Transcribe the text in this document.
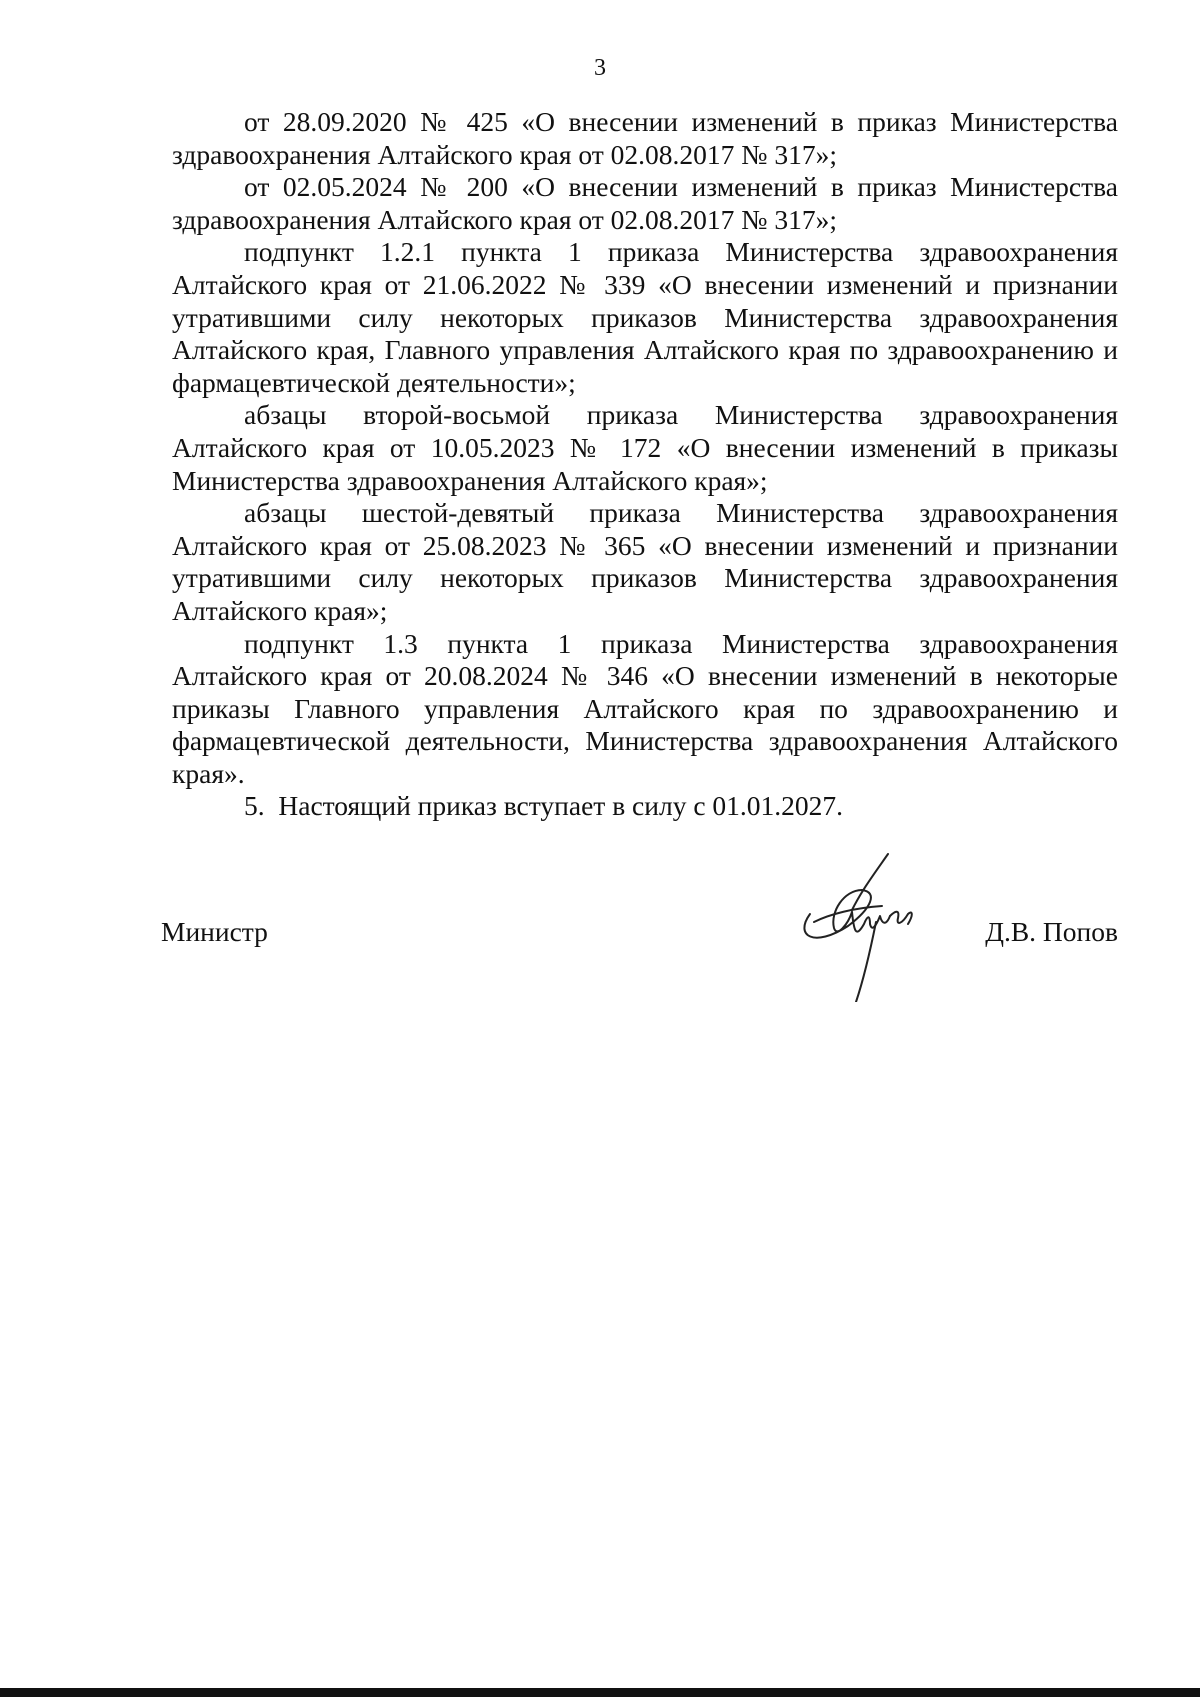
3

от 28.09.2020 № 425 «О внесении изменений в приказ Министерства здравоохранения Алтайского края от 02.08.2017 № 317»;

от 02.05.2024 № 200 «О внесении изменений в приказ Министерства здравоохранения Алтайского края от 02.08.2017 № 317»;

подпункт 1.2.1 пункта 1 приказа Министерства здравоохранения Алтайского края от 21.06.2022 № 339 «О внесении изменений и признании утратившими силу некоторых приказов Министерства здравоохранения Алтайского края, Главного управления Алтайского края по здравоохранению и фармацевтической деятельности»;

абзацы второй-восьмой приказа Министерства здравоохранения Алтайского края от 10.05.2023 № 172 «О внесении изменений в приказы Министерства здравоохранения Алтайского края»;

абзацы шестой-девятый приказа Министерства здравоохранения Алтайского края от 25.08.2023 № 365 «О внесении изменений и признании утратившими силу некоторых приказов Министерства здравоохранения Алтайского края»;

подпункт 1.3 пункта 1 приказа Министерства здравоохранения Алтайского края от 20.08.2024 № 346 «О внесении изменений в некоторые приказы Главного управления Алтайского края по здравоохранению и фармацевтической деятельности, Министерства здравоохранения Алтайского края».

5. Настоящий приказ вступает в силу с 01.01.2027.

Министр	Д.В. Попов
